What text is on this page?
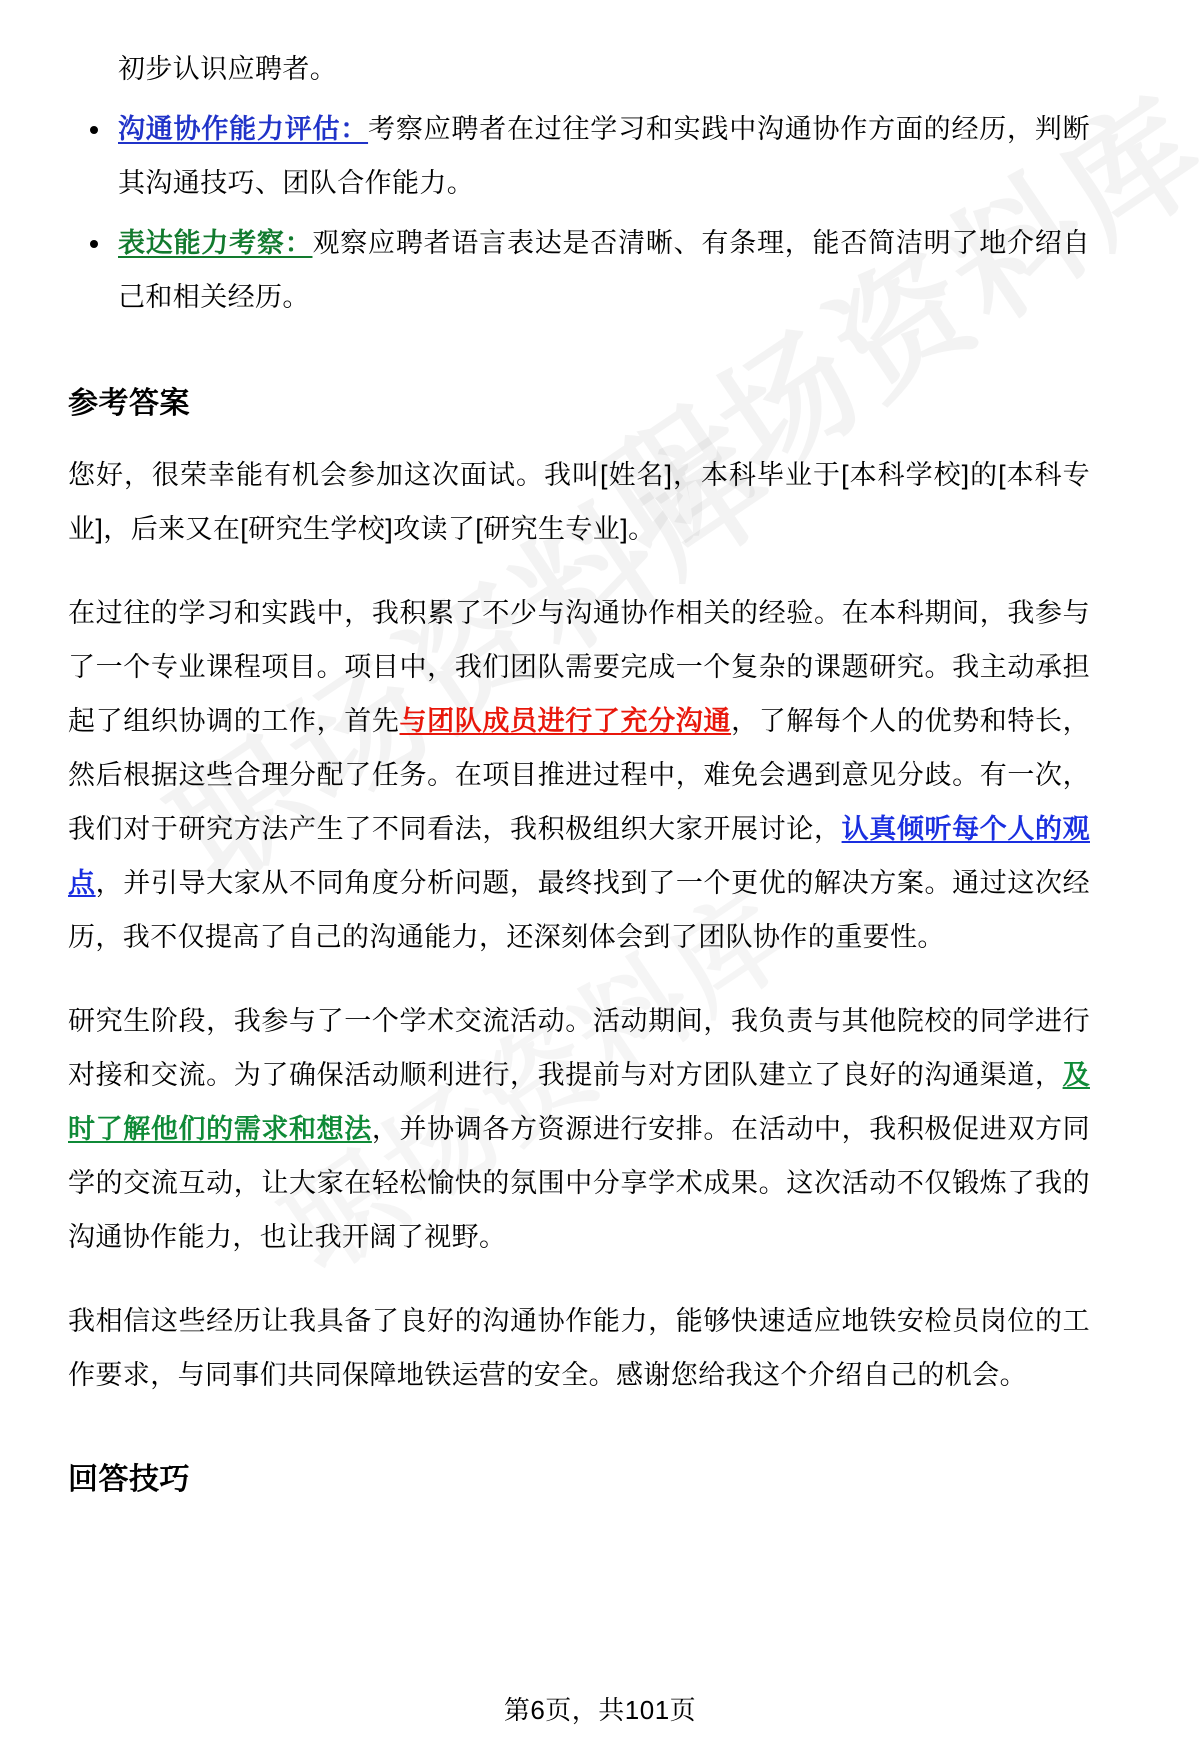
初步认识应聘者。
沟通协作能力评估：考察应聘者在过往学习和实践中沟通协作方面的经历，判断其沟通技巧、团队合作能力。
表达能力考察：观察应聘者语言表达是否清晰、有条理，能否简洁明了地介绍自己和相关经历。
参考答案

您好，很荣幸能有机会参加这次面试。我叫[姓名]，本科毕业于[本科学校]的[本科专业]，后来又在[研究生学校]攻读了[研究生专业]。

在过往的学习和实践中，我积累了不少与沟通协作相关的经验。在本科期间，我参与了一个专业课程项目。项目中，我们团队需要完成一个复杂的课题研究。我主动承担起了组织协调的工作，首先与团队成员进行了充分沟通，了解每个人的优势和特长，然后根据这些合理分配了任务。在项目推进过程中，难免会遇到意见分歧。有一次，我们对于研究方法产生了不同看法，我积极组织大家开展讨论，认真倾听每个人的观点，并引导大家从不同角度分析问题，最终找到了一个更优的解决方案。通过这次经历，我不仅提高了自己的沟通能力，还深刻体会到了团队协作的重要性。

研究生阶段，我参与了一个学术交流活动。活动期间，我负责与其他院校的同学进行对接和交流。为了确保活动顺利进行，我提前与对方团队建立了良好的沟通渠道，及时了解他们的需求和想法，并协调各方资源进行安排。在活动中，我积极促进双方同学的交流互动，让大家在轻松愉快的氛围中分享学术成果。这次活动不仅锻炼了我的沟通协作能力，也让我开阔了视野。

我相信这些经历让我具备了良好的沟通协作能力，能够快速适应地铁安检员岗位的工作要求，与同事们共同保障地铁运营的安全。感谢您给我这个介绍自己的机会。

回答技巧
第6页，共101页
